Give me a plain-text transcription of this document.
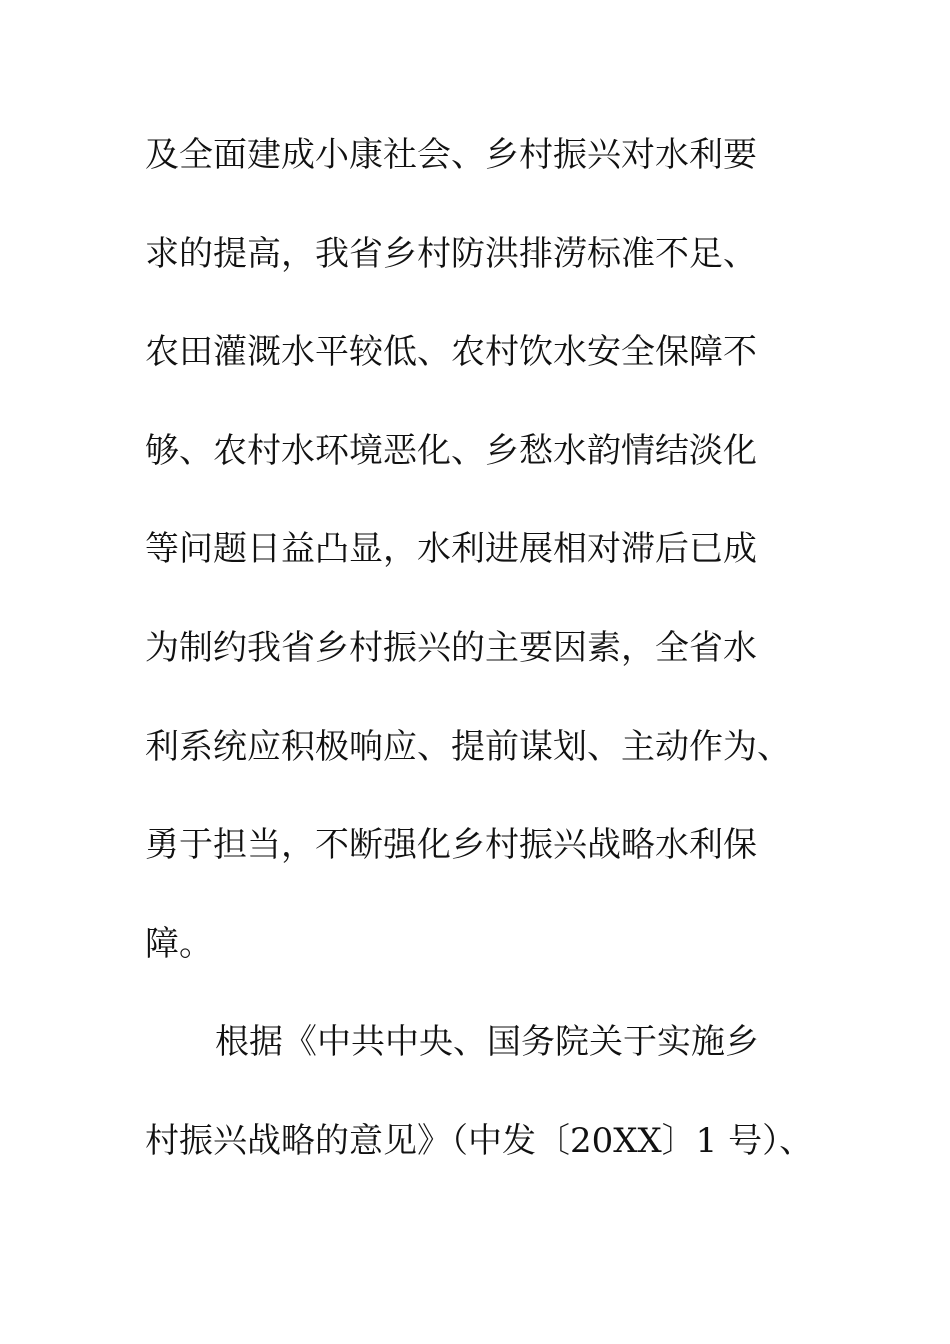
及全面建成小康社会、乡村振兴对水利要
求的提高，我省乡村防洪排涝标准不足、
农田灌溉水平较低、农村饮水安全保障不
够、农村水环境恶化、乡愁水韵情结淡化
等问题日益凸显，水利进展相对滞后已成
为制约我省乡村振兴的主要因素，全省水
利系统应积极响应、提前谋划、主动作为、
勇于担当，不断强化乡村振兴战略水利保
障。
根据《中共中央、国务院关于实施乡
村振兴战略的意见》（中发〔20XX〕1 号）、
